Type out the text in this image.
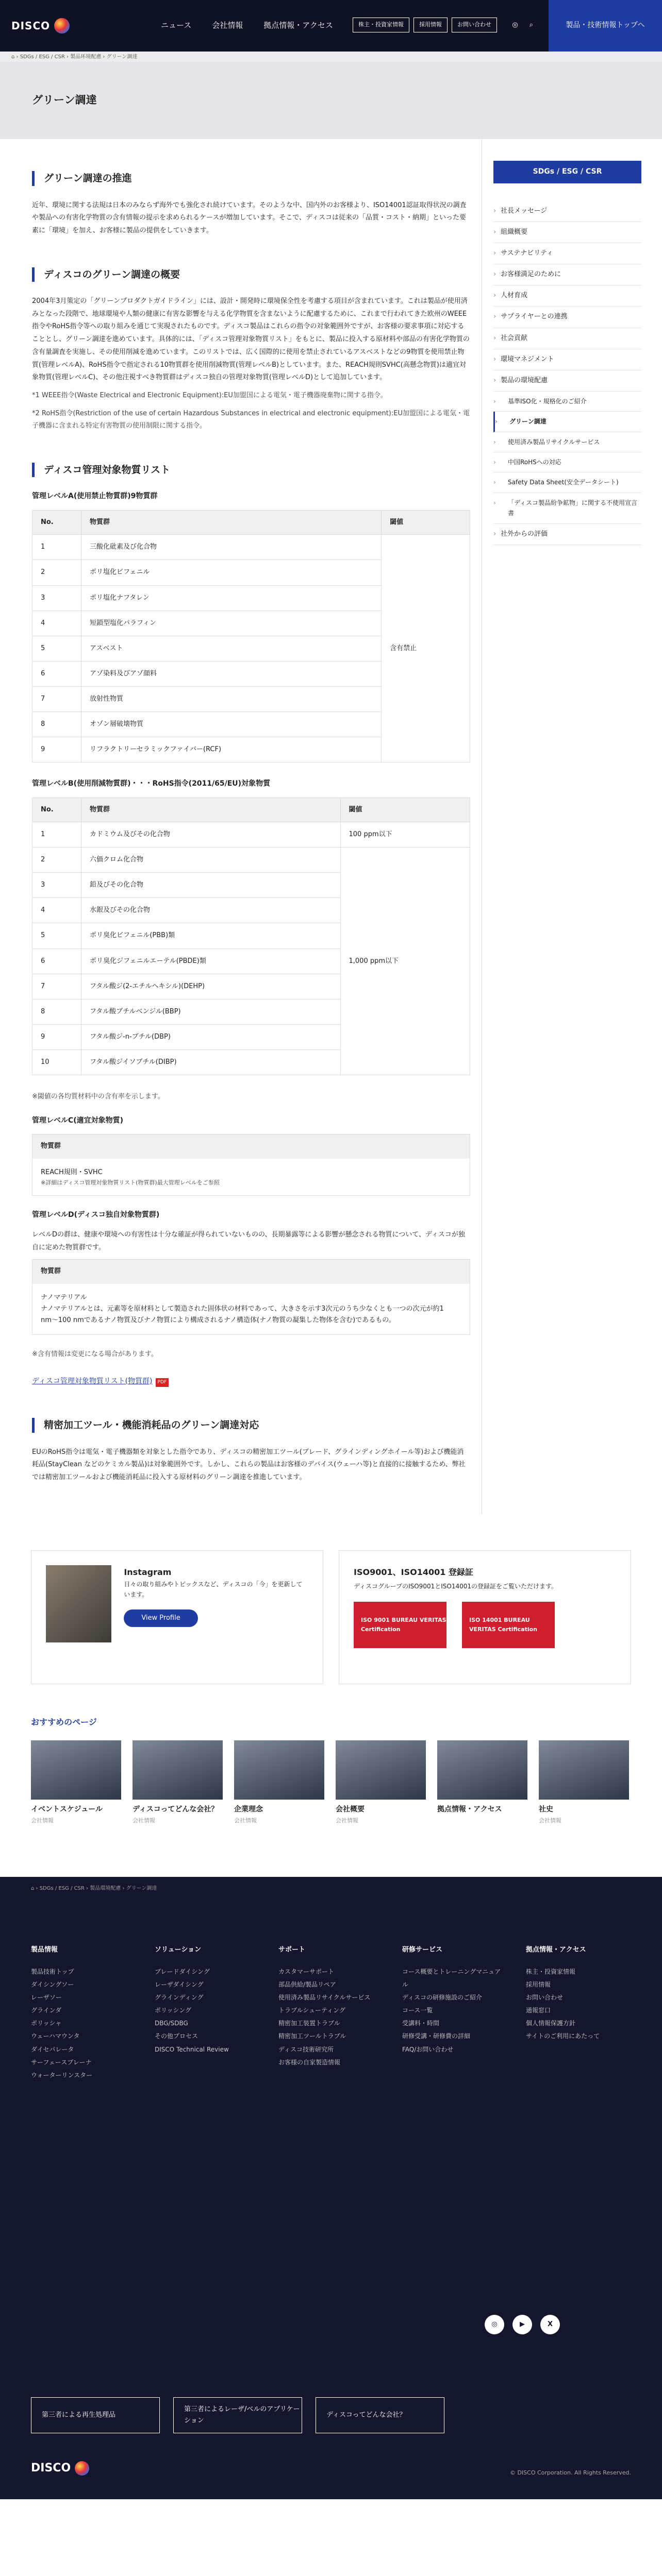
DISCO	ニュース	会社情報	拠点情報・アクセス	株主・投資家情報	採用情報	お問い合わせ	◎ ⌕	製品・技術情報トップへ
⌂ › SDGs / ESG / CSR › 製品环境配慮 › グリーン調達
グリーン調達
グリーン調達の推進

近年、環境に関する法規は日本のみならず海外でも強化され続けています。そのような中、国内外のお客様より、ISO14001認証取得状況の調査や製品への有害化学物質の含有情報の提示を求められるケースが増加しています。そこで、ディスコは従来の「品質・コスト・納期」といった要素に「環境」を加え、お客様に製品の提供をしていきます。

ディスコのグリーン調達の概要

2004年3月策定の「グリーンプロダクトガイドライン」には、設計・開発時に環境保全性を考慮する項目が含まれています。これは製品が使用済みとなった段階で、地球環境や人類の健康に有害な影響を与える化学物質を含まないように配慮するために、これまで行われてきた欧州のWEEE指令やRoHS指令等への取り組みを通じて実現されたものです。ディスコ製品はこれらの指令の対象範囲外ですが、お客様の要求事項に対応することとし、グリーン調達を進めています。具体的には、「ディスコ管理対象物質リスト」をもとに、製品に投入する原材料や部品の有害化学物質の含有量調査を実施し、その使用削減を進めています。このリストでは、広く国際的に使用を禁止されているアスベストなどの9物質を使用禁止物質(管理レベルA)、RoHS指令で指定される10物質群を使用削減物質(管理レベルB)としています。また、REACH規則SVHC(高懸念物質)は適宜対象物質(管理レベルC)、その他注視すべき物質群はディスコ独自の管理対象物質(管理レベルD)として追加しています。

*1 WEEE指令(Waste Electrical and Electronic Equipment):EU加盟国による電気・電子機器廃棄物に関する指令。

*2 RoHS指令(Restriction of the use of certain Hazardous Substances in electrical and electronic equipment):EU加盟国による電気・電子機器に含まれる特定有害物質の使用制限に関する指令。

ディスコ管理対象物質リスト
管理レベルA(使用禁止物質群)9物質群
No.	物質群	閾値
1	三酸化砒素及び化合物	含有禁止
2	ポリ塩化ビフェニル	
3	ポリ塩化ナフタレン	
4	短鎖型塩化パラフィン	
5	アスベスト	
6	アゾ染料及びアゾ顔料	
7	放射性物質	
8	オゾン層破壊物質	
9	リフラクトリーセラミックファイバー(RCF)	
管理レベルB(使用削減物質群)・・・RoHS指令(2011/65/EU)対象物質
No.	物質群	閾値
1	カドミウム及びその化合物	100 ppm以下
2	六価クロム化合物	1,000 ppm以下
3	鉛及びその化合物	
4	水銀及びその化合物	
5	ポリ臭化ビフェニル(PBB)類	
6	ポリ臭化ジフェニルエーテル(PBDE)類	
7	フタル酸ジ(2-エチルヘキシル)(DEHP)	
8	フタル酸ブチルベンジル(BBP)	
9	フタル酸ジ-n-ブチル(DBP)	
10	フタル酸ジイソブチル(DIBP)	

※閾値の各均質材料中の含有率を示します。

管理レベルC(適宜対象物質)
物質群
REACH規則・SVHC
※詳細はディスコ管理対象物質リスト(物質群)最大管理レベルをご参照
管理レベルD(ディスコ独自対象物質群)

レベルDの群は、健康や環境への有害性は十分な確証が得られていないものの、長期暴露等による影響が懸念される物質について、ディスコが独自に定めた物質群です。

物質群
ナノマテリアル
ナノマテリアルとは、元素等を原材料として製造された固体状の材料であって、大きさを示す3次元のうち少なくとも一つの次元が約1 nm〜100 nmであるナノ物質及びナノ物質により構成されるナノ構造体(ナノ物質の凝集した物体を含む)であるもの。

※含有情報は変更になる場合があります。

ディスコ管理対象物質リスト(物質群) PDF

精密加工ツール・機能消耗品のグリーン調達対応

EUのRoHS指令は電気・電子機器類を対象とした指令であり、ディスコの精密加工ツール(ブレード、グラインディングホイール等)および機能消耗品(StayClean などのケミカル製品)は対象範囲外です。しかし、これらの製品はお客様のデバイス(ウェーハ等)と直接的に接触するため、弊社では精密加工ツールおよび機能消耗品に投入する原材料のグリーン調達を推進しています。

SDGs / ESG / CSR
› 社長メッセージ
› 組織概要
› サステナビリティ
› お客様満足のために
› 人材育成
› サプライヤーとの連携
› 社会貢献
› 環境マネジメント
› 製品の環境配慮
› 基準ISO化・規格化のご紹介
› グリーン調達
› 使用済み製品リサイクルサービス
› 中国RoHSへの対応
› Safety Data Sheet(安全データシート)
› 「ディスコ製品紛争鉱物」に関する不使用宣言書
› 社外からの評価
Instagram

日々の取り組みやトピックスなど、ディスコの「今」を更新しています。

View Profile
ISO9001、ISO14001 登録証

ディスコグループのISO9001とISO14001の登録証をご覧いただけます。

ISO 9001 BUREAU VERITAS Certification
ISO 14001 BUREAU VERITAS Certification
おすすめのページ
イベントスケジュール
会社情報
ディスコってどんな会社？
会社情報
企業理念
会社情報
会社概要
会社情報
拠点情報・アクセス	社史
会社情報
⌂ › SDGs / ESG / CSR › 製品環境配慮 › グリーン調達
製品情報
製品技術トップ
ダイシングソー
レーザソー
グラインダ
ポリッシャ
ウェーハマウンタ
ダイセパレータ
サーフェースプレーナ
ウォーターリンスター
ソリューション
ブレードダイシング
レーザダイシング
グラインディング
ポリッシング
DBG/SDBG
その他プロセス
DISCO Technical Review
サポート
カスタマーサポート
部品供給/製品リペア
使用済み製品リサイクルサービス
トラブルシューティング
精密加工装置トラブル
精密加工ツールトラブル
ディスコ技術研究所
お客様の自家製造情報
研修サービス
コース概要とトレーニングマニュアル
ディスコの研修施設のご紹介
コース一覧
受講料・時間
研修受講・研修費の詳細
FAQ/お問い合わせ
拠点情報・アクセス
株主・投資家情報
採用情報
お問い合わせ
通報窓口
個人情報保護方針
サイトのご利用にあたって
◎	▶	X
第三者による再生処理品
第三者によるレーザ/ベルのアプリケーション
ディスコってどんな会社？
DISCO	© DISCO Corporation. All Rights Reserved.
